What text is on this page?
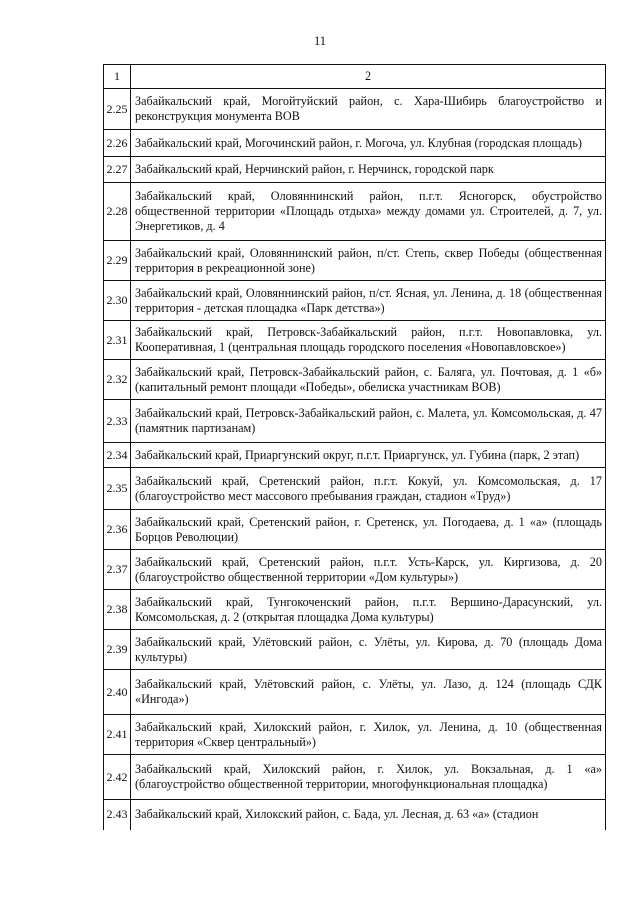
11
1	2
2.25	Забайкальский край, Могойтуйский район, с. Хара-Шибирь благоустройство и реконструкция монумента ВОВ
2.26	Забайкальский край, Могочинский район, г. Могоча, ул. Клубная (городская площадь)
2.27	Забайкальский край, Нерчинский район, г. Нерчинск, городской парк
2.28	Забайкальский край, Оловяннинский район, п.г.т. Ясногорск, обустройство общественной территории «Площадь отдыха» между домами ул. Строителей, д. 7, ул. Энергетиков, д. 4
2.29	Забайкальский край, Оловяннинский район, п/ст. Степь, сквер Победы (общественная территория в рекреационной зоне)
2.30	Забайкальский край, Оловяннинский район, п/ст. Ясная, ул. Ленина, д. 18 (общественная территория - детская площадка «Парк детства»)
2.31	Забайкальский край, Петровск-Забайкальский район, п.г.т. Новопавловка, ул. Кооперативная, 1 (центральная площадь городского поселения «Новопавловское»)
2.32	Забайкальский край, Петровск-Забайкальский район, с. Баляга, ул. Почтовая, д. 1 «б» (капитальный ремонт площади «Победы», обелиска участникам ВОВ)
2.33	Забайкальский край, Петровск-Забайкальский район, с. Малета, ул. Комсомольская, д. 47 (памятник партизанам)
2.34	Забайкальский край, Приаргунский округ, п.г.т. Приаргунск, ул. Губина (парк, 2 этап)
2.35	Забайкальский край, Сретенский район, п.г.т. Кокуй, ул. Комсомольская, д. 17 (благоустройство мест массового пребывания граждан, стадион «Труд»)
2.36	Забайкальский край, Сретенский район, г. Сретенск, ул. Погодаева, д. 1 «а» (площадь Борцов Революции)
2.37	Забайкальский край, Сретенский район, п.г.т. Усть-Карск, ул. Киргизова, д. 20 (благоустройство общественной территории «Дом культуры»)
2.38	Забайкальский край, Тунгокоченский район, п.г.т. Вершино-Дарасунский, ул. Комсомольская, д. 2 (открытая площадка Дома культуры)
2.39	Забайкальский край, Улётовский район, с. Улёты, ул. Кирова, д. 70 (площадь Дома культуры)
2.40	Забайкальский край, Улётовский район, с. Улёты, ул. Лазо, д. 124 (площадь СДК «Ингода»)
2.41	Забайкальский край, Хилокский район, г. Хилок, ул. Ленина, д. 10 (общественная территория «Сквер центральный»)
2.42	Забайкальский край, Хилокский район, г. Хилок, ул. Вокзальная, д. 1 «а» (благоустройство общественной территории, многофункциональная площадка)
2.43	Забайкальский край, Хилокский район, с. Бада, ул. Лесная, д. 63 «а» (стадион
